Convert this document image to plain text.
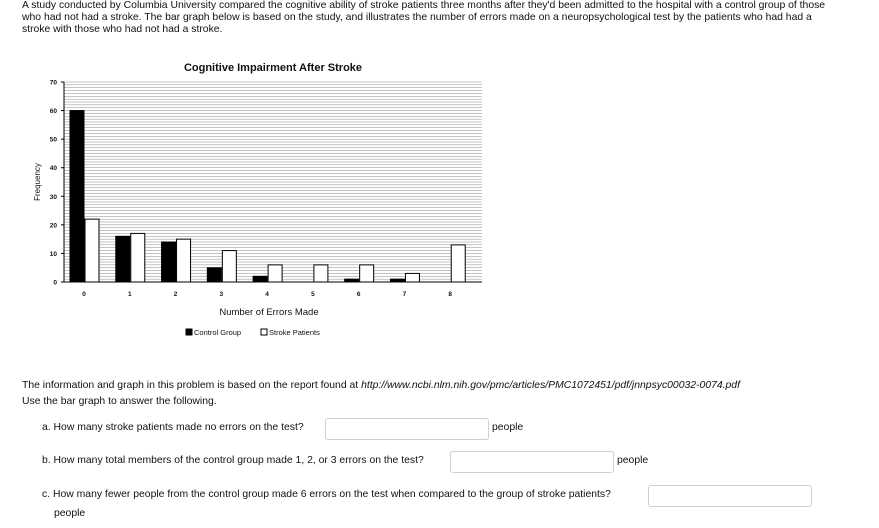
A study conducted by Columbia University compared the cognitive ability of stroke patients three months after they'd been admitted to the hospital with a control group of those who had not had a stroke. The bar graph below is based on the study, and illustrates the number of errors made on a neuropsychological test by the patients who had had a stroke with those who had not had a stroke.

Cognitive Impairment After Stroke
0
10
20
30
40
50
60
70
Frequency
0	1	2	3	4	5	6	7	8
Number of Errors Made
Control Group	Stroke Patients

The information and graph in this problem is based on the report found at http://www.ncbi.nlm.nih.gov/pmc/articles/PMC1072451/pdf/jnnpsyc00032-0074.pdf
Use the bar graph to answer the following.

a. How many stroke patients made no errors on the test?	people
b. How many total members of the control group made 1, 2, or 3 errors on the test?	people
c. How many fewer people from the control group made 6 errors on the test when compared to the group of stroke patients?
people
